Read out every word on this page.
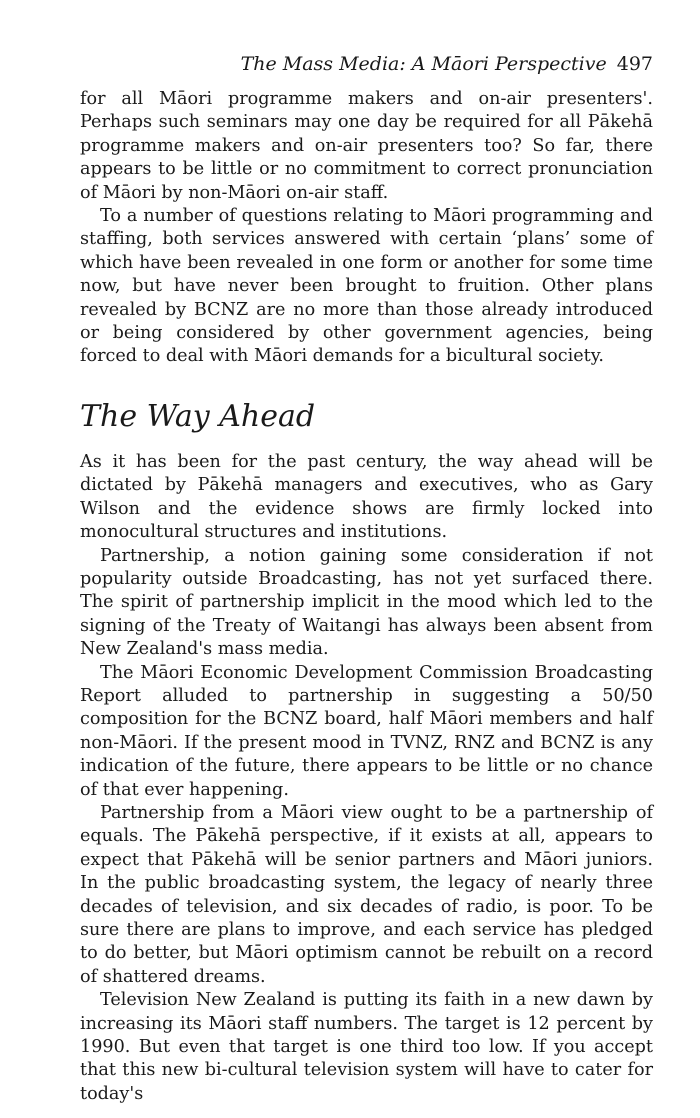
The Mass Media: A Māori Perspective 497

for all Māori programme makers and on-air presenters'. Perhaps such seminars may one day be required for all Pākehā programme makers and on-air presenters too? So far, there appears to be little or no commitment to correct pronunciation of Māori by non-Māori on-air staff.

To a number of questions relating to Māori programming and staffing, both services answered with certain ‘plans’ some of which have been revealed in one form or another for some time now, but have never been brought to fruition. Other plans revealed by BCNZ are no more than those already introduced or being considered by other government agencies, being forced to deal with Māori demands for a bicultural society.

The Way Ahead

As it has been for the past century, the way ahead will be dictated by Pākehā managers and executives, who as Gary Wilson and the evidence shows are firmly locked into monocultural structures and institutions.

Partnership, a notion gaining some consideration if not popularity outside Broadcasting, has not yet surfaced there. The spirit of partnership implicit in the mood which led to the signing of the Treaty of Waitangi has always been absent from New Zealand's mass media.

The Māori Economic Development Commission Broadcasting Report alluded to partnership in suggesting a 50/50 composition for the BCNZ board, half Māori members and half non-Māori. If the present mood in TVNZ, RNZ and BCNZ is any indication of the future, there appears to be little or no chance of that ever happening.

Partnership from a Māori view ought to be a partnership of equals. The Pākehā perspective, if it exists at all, appears to expect that Pākehā will be senior partners and Māori juniors. In the public broadcasting system, the legacy of nearly three decades of television, and six decades of radio, is poor. To be sure there are plans to improve, and each service has pledged to do better, but Māori optimism cannot be rebuilt on a record of shattered dreams.

Television New Zealand is putting its faith in a new dawn by increasing its Māori staff numbers. The target is 12 percent by 1990. But even that target is one third too low. If you accept that this new bi-cultural television system will have to cater for today's
